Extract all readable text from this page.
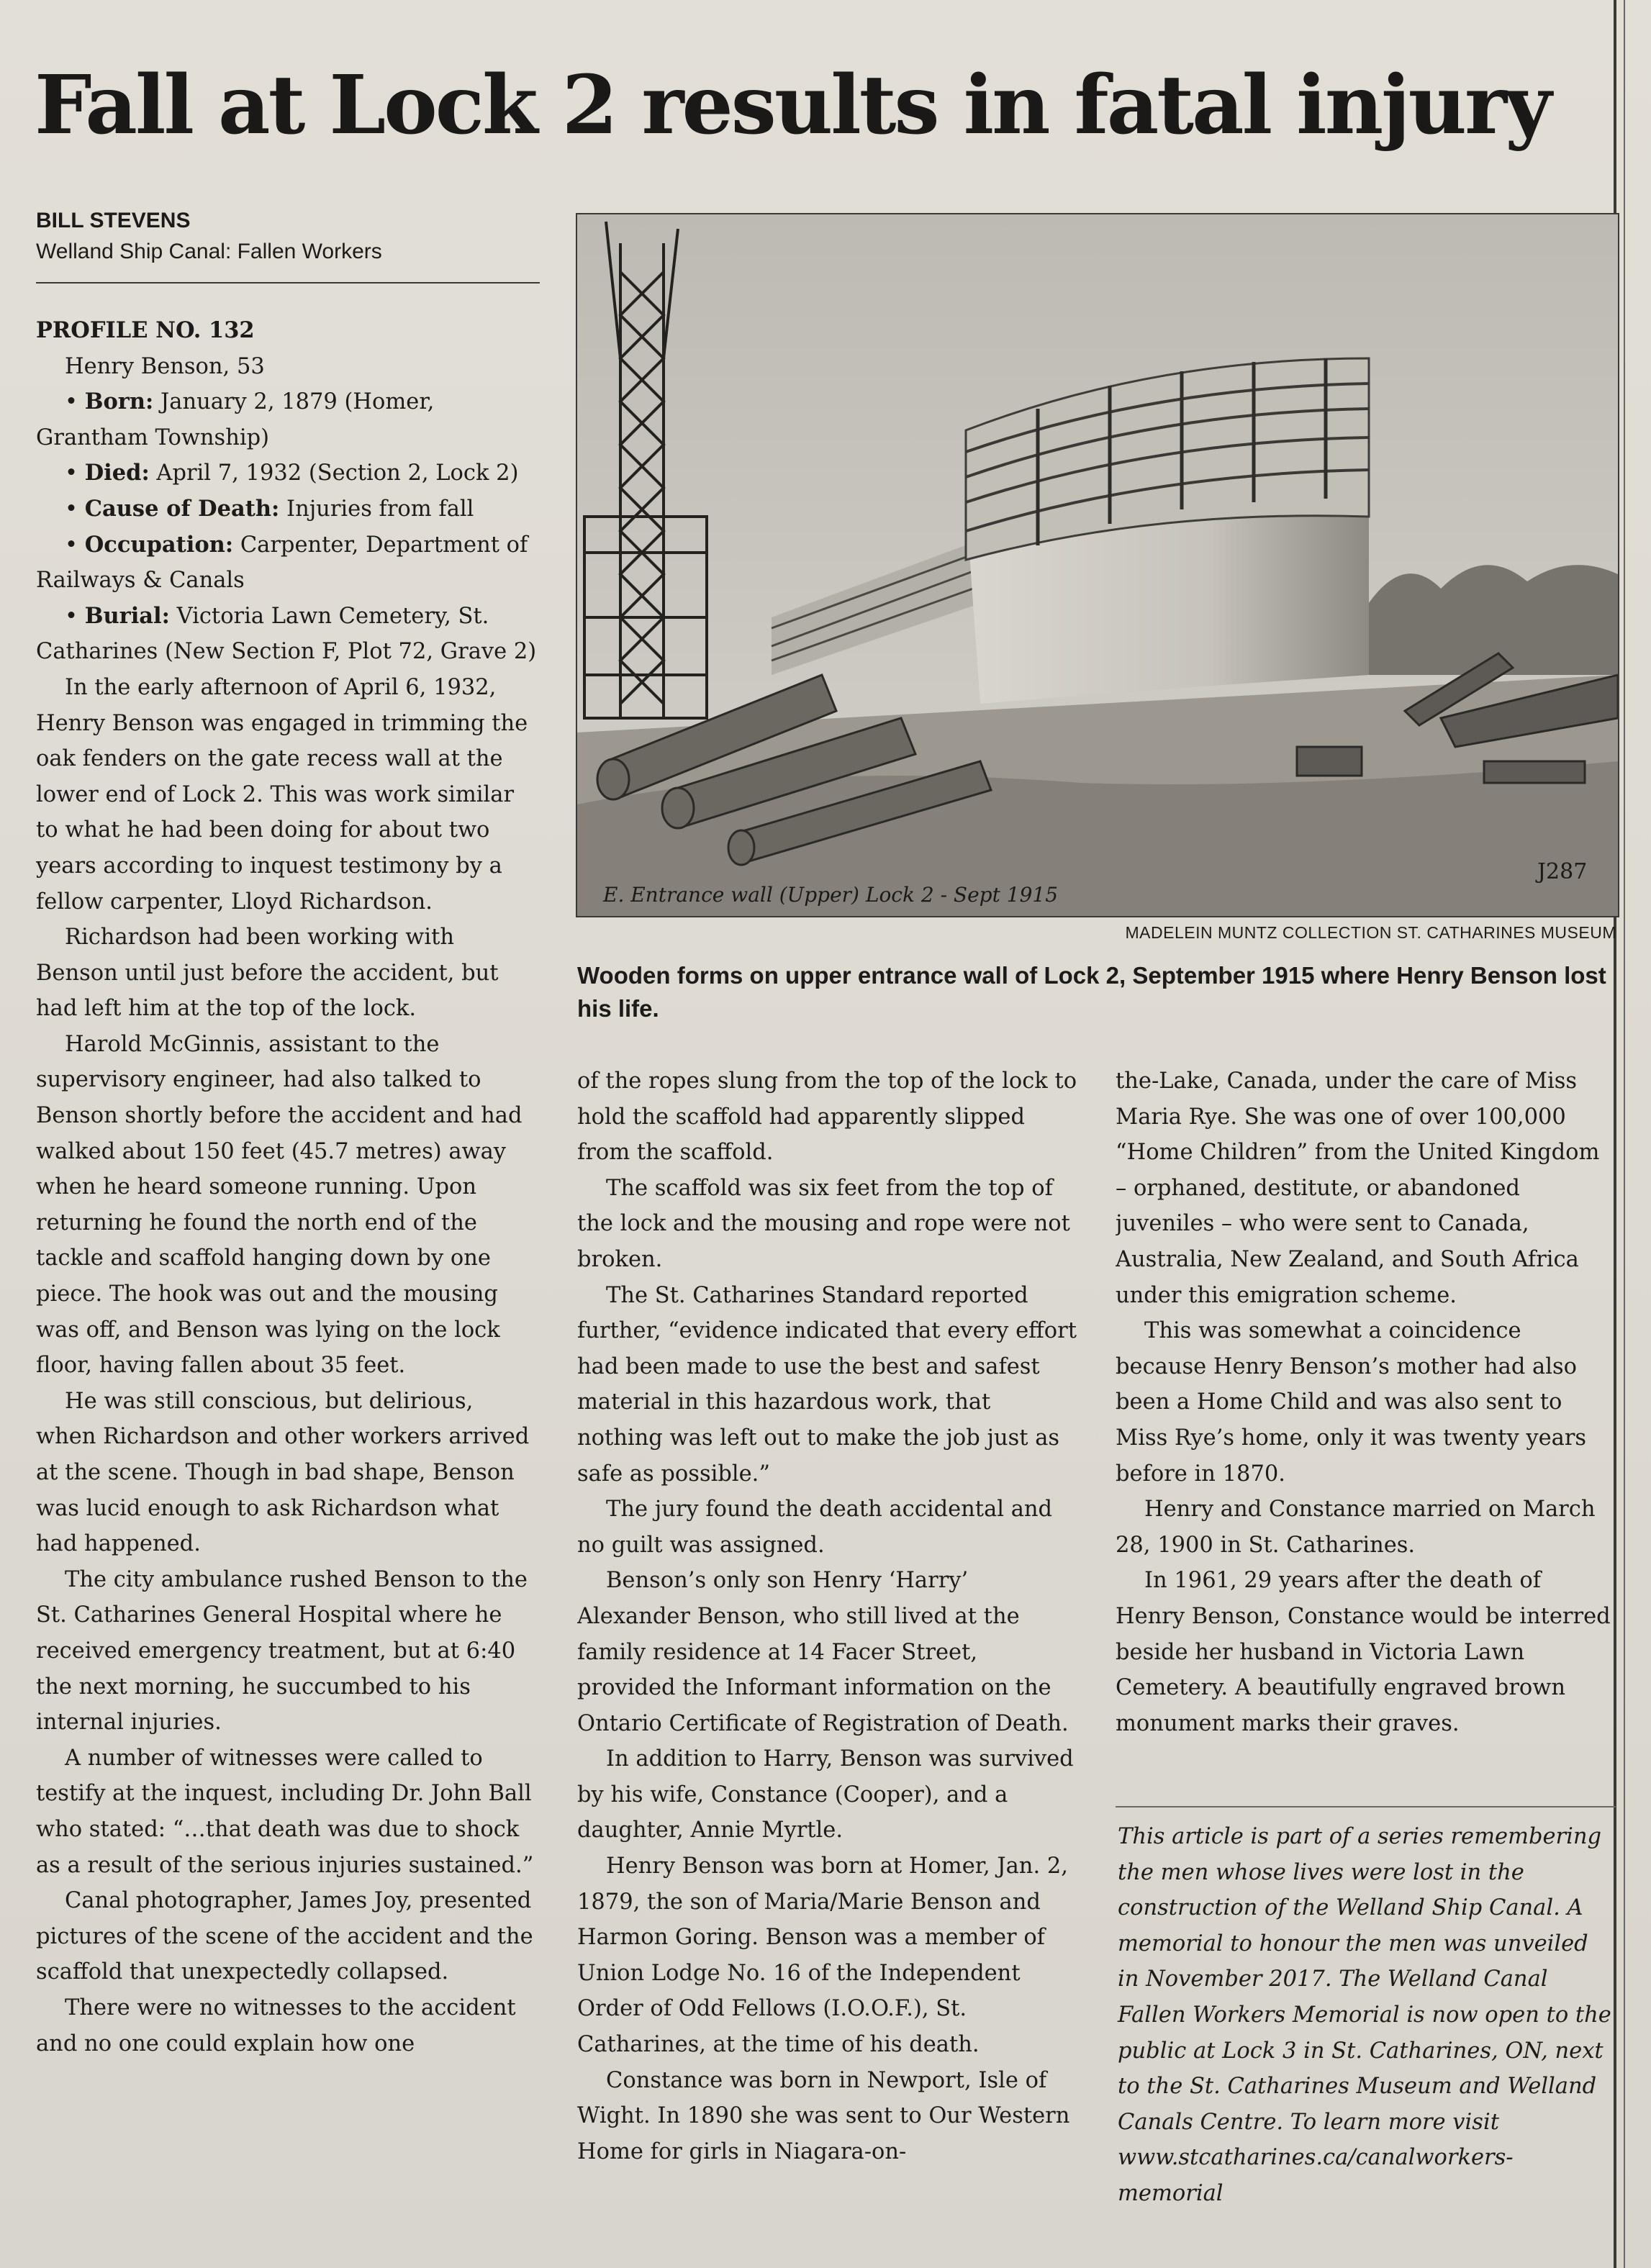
Fall at Lock 2 results in fatal injury
BILL STEVENS
Welland Ship Canal: Fallen Workers

PROFILE NO. 132

Henry Benson, 53

• Born: January 2, 1879 (Homer, Grantham Township)

• Died: April 7, 1932 (Section 2, Lock 2)

• Cause of Death: Injuries from fall

• Occupation: Carpenter, Department of Railways & Canals

• Burial: Victoria Lawn Cemetery, St. Catharines (New Section F, Plot 72, Grave 2)

In the early afternoon of April 6, 1932, Henry Benson was engaged in trimming the oak fenders on the gate recess wall at the lower end of Lock 2. This was work similar to what he had been doing for about two years according to inquest testimony by a fellow carpenter, Lloyd Richardson.

Richardson had been working with Benson until just before the accident, but had left him at the top of the lock.

Harold McGinnis, assistant to the supervisory engineer, had also talked to Benson shortly before the accident and had walked about 150 feet (45.7 metres) away when he heard someone running. Upon returning he found the north end of the tackle and scaffold hanging down by one piece. The hook was out and the mousing was off, and Benson was lying on the lock floor, having fallen about 35 feet.

He was still conscious, but delirious, when Richardson and other workers arrived at the scene. Though in bad shape, Benson was lucid enough to ask Richardson what had happened.

The city ambulance rushed Benson to the St. Catharines General Hospital where he received emergency treatment, but at 6:40 the next morning, he succumbed to his internal injuries.

A number of witnesses were called to testify at the inquest, including Dr. John Ball who stated: “…that death was due to shock as a result of the serious injuries sustained.”

Canal photographer, James Joy, presented pictures of the scene of the accident and the scaffold that unexpectedly collapsed.

There were no witnesses to the accident and no one could explain how one

E. Entrance wall (Upper) Lock 2 - Sept 1915
J287
MADELEIN MUNTZ COLLECTION ST. CATHARINES MUSEUM
Wooden forms on upper entrance wall of Lock 2, September 1915 where Henry Benson lost his life.

of the ropes slung from the top of the lock to hold the scaffold had apparently slipped from the scaffold.

The scaffold was six feet from the top of the lock and the mousing and rope were not broken.

The St. Catharines Standard reported further, “evidence indicated that every effort had been made to use the best and safest material in this hazardous work, that nothing was left out to make the job just as safe as possible.”

The jury found the death accidental and no guilt was assigned.

Benson’s only son Henry ‘Harry’ Alexander Benson, who still lived at the family residence at 14 Facer Street, provided the Informant information on the Ontario Certificate of Registration of Death.

In addition to Harry, Benson was survived by his wife, Constance (Cooper), and a daughter, Annie Myrtle.

Henry Benson was born at Homer, Jan. 2, 1879, the son of Maria/Marie Benson and Harmon Goring. Benson was a member of Union Lodge No. 16 of the Independent Order of Odd Fellows (I.O.O.F.), St. Catharines, at the time of his death.

Constance was born in Newport, Isle of Wight. In 1890 she was sent to Our Western Home for girls in Niagara-on-

the-Lake, Canada, under the care of Miss Maria Rye. She was one of over 100,000 “Home Children” from the United Kingdom – orphaned, destitute, or abandoned juveniles – who were sent to Canada, Australia, New Zealand, and South Africa under this emigration scheme.

This was somewhat a coincidence because Henry Benson’s mother had also been a Home Child and was also sent to Miss Rye’s home, only it was twenty years before in 1870.

Henry and Constance married on March 28, 1900 in St. Catharines.

In 1961, 29 years after the death of Henry Benson, Constance would be interred beside her husband in Victoria Lawn Cemetery. A beautifully engraved brown monument marks their graves.

This article is part of a series remembering the men whose lives were lost in the construction of the Welland Ship Canal. A memorial to honour the men was unveiled in November 2017. The Welland Canal Fallen Workers Memorial is now open to the public at Lock 3 in St. Catharines, ON, next to the St. Catharines Museum and Welland Canals Centre. To learn more visit www.stcatharines.ca/canalworkers-memorial
